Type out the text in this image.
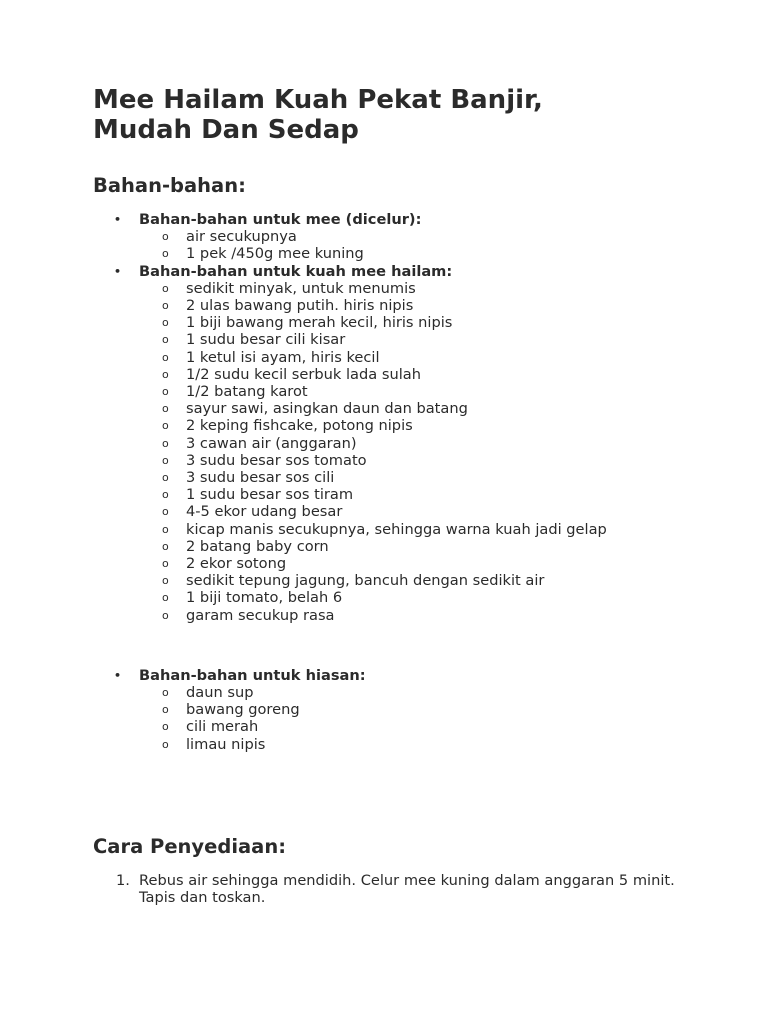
Mee Hailam Kuah Pekat Banjir,
Mudah Dan Sedap
Bahan-bahan:
• Bahan-bahan untuk mee (dicelur):
o air secukupnya
o 1 pek /450g mee kuning
• Bahan-bahan untuk kuah mee hailam:
o sedikit minyak, untuk menumis
o 2 ulas bawang putih. hiris nipis
o 1 biji bawang merah kecil, hiris nipis
o 1 sudu besar cili kisar
o 1 ketul isi ayam, hiris kecil
o 1/2 sudu kecil serbuk lada sulah
o 1/2 batang karot
o sayur sawi, asingkan daun dan batang
o 2 keping fishcake, potong nipis
o 3 cawan air (anggaran)
o 3 sudu besar sos tomato
o 3 sudu besar sos cili
o 1 sudu besar sos tiram
o 4-5 ekor udang besar
o kicap manis secukupnya, sehingga warna kuah jadi gelap
o 2 batang baby corn
o 2 ekor sotong
o sedikit tepung jagung, bancuh dengan sedikit air
o 1 biji tomato, belah 6
o garam secukup rasa
• Bahan-bahan untuk hiasan:
o daun sup
o bawang goreng
o cili merah
o limau nipis
Cara Penyediaan:
1. Rebus air sehingga mendidih. Celur mee kuning dalam anggaran 5 minit. Tapis dan toskan.
